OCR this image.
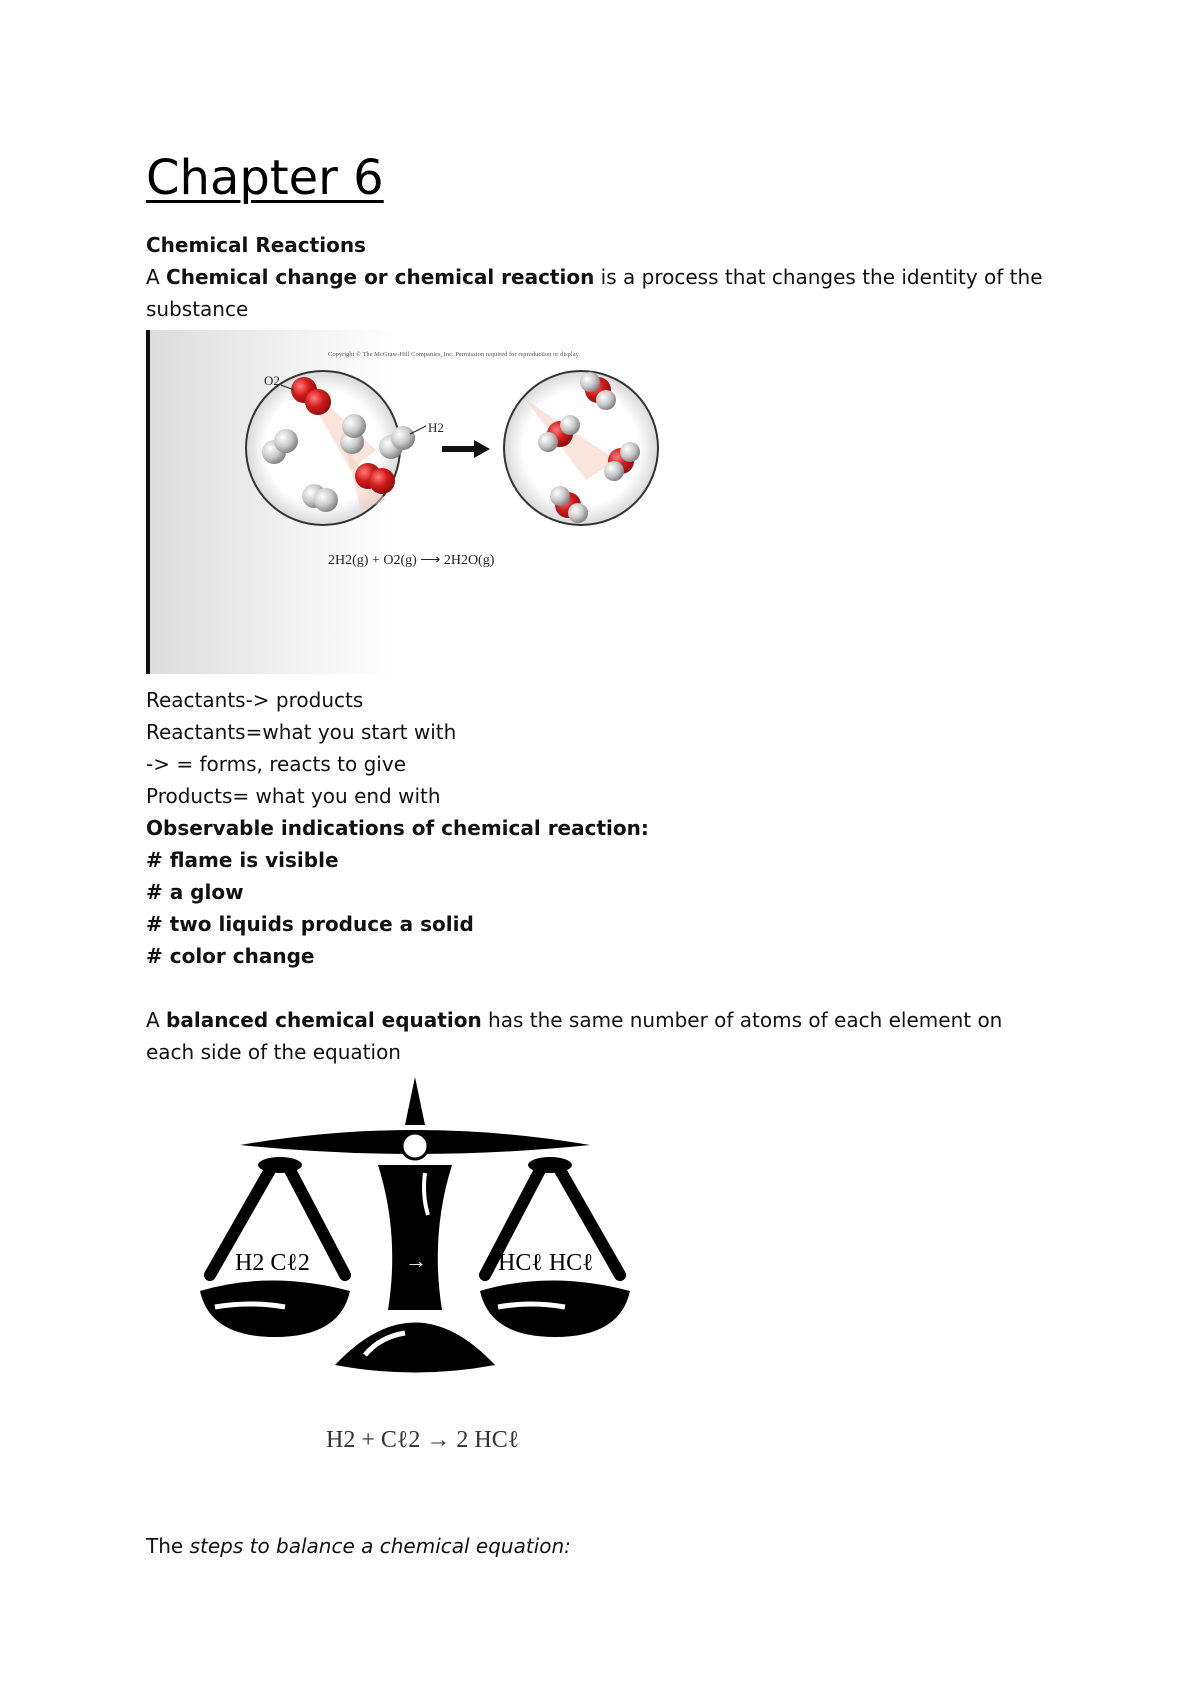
Chapter 6
Chemical Reactions
A Chemical change or chemical reaction is a process that changes the identity of the substance
Copyright © The McGraw-Hill Companies, Inc. Permission required for reproduction or display.
O2
H2
2H2(g) + O2(g) ⟶ 2H2O(g)
Reactants-> products
Reactants=what you start with
-> = forms, reacts to give
Products= what you end with
Observable indications of chemical reaction:
# flame is visible
# a glow
# two liquids produce a solid
# color change
A balanced chemical equation has the same number of atoms of each element on each side of the equation
H2 Cℓ2	→	HCℓ HCℓ
H2 + Cℓ2 → 2 HCℓ
The steps to balance a chemical equation:
